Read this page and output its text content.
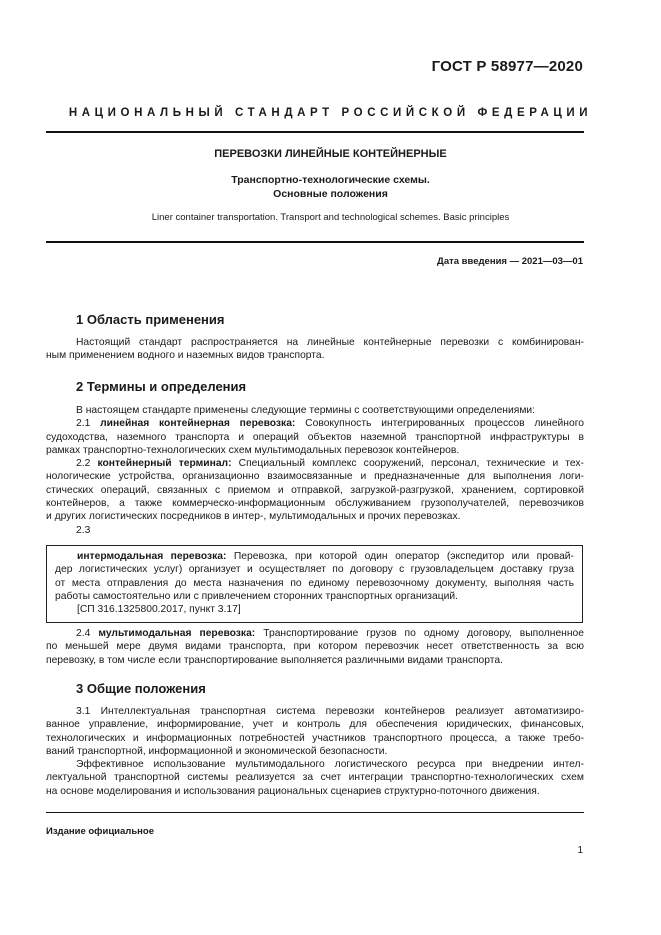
ГОСТ Р 58977—2020
НАЦИОНАЛЬНЫЙ СТАНДАРТ РОССИЙСКОЙ ФЕДЕРАЦИИ
ПЕРЕВОЗКИ ЛИНЕЙНЫЕ КОНТЕЙНЕРНЫЕ
Транспортно-технологические схемы.
Основные положения
Liner container transportation. Transport and technological schemes. Basic principles
Дата введения — 2021—03—01
1 Область применения
Настоящий стандарт распространяется на линейные контейнерные перевозки с комбинирован-
ным применением водного и наземных видов транспорта.
2 Термины и определения
В настоящем стандарте применены следующие термины с соответствующими определениями:
2.1 линейная контейнерная перевозка: Совокупность интегрированных процессов линейного
судоходства, наземного транспорта и операций объектов наземной транспортной инфраструктуры в
рамках транспортно-технологических схем мультимодальных перевозок контейнеров.
2.2 контейнерный терминал: Специальный комплекс сооружений, персонал, технические и тех-
нологические устройства, организационно взаимосвязанные и предназначенные для выполнения логи-
стических операций, связанных с приемом и отправкой, загрузкой-разгрузкой, хранением, сортировкой
контейнеров, а также коммерческо-информационным обслуживанием грузополучателей, перевозчиков
и других логистических посредников в интер-, мультимодальных и прочих перевозках.
2.3
интермодальная перевозка: Перевозка, при которой один оператор (экспедитор или провай-
дер логистических услуг) организует и осуществляет по договору с грузовладельцем доставку груза
от места отправления до места назначения по единому перевозочному документу, выполняя часть
работы самостоятельно или с привлечением сторонних транспортных организаций.
[СП 316.1325800.2017, пункт 3.17]
2.4 мультимодальная перевозка: Транспортирование грузов по одному договору, выполненное
по меньшей мере двумя видами транспорта, при котором перевозчик несет ответственность за всю
перевозку, в том числе если транспортирование выполняется различными видами транспорта.
3 Общие положения
3.1 Интеллектуальная транспортная система перевозки контейнеров реализует автоматизиро-
ванное управление, информирование, учет и контроль для обеспечения юридических, финансовых,
технологических и информационных потребностей участников транспортного процесса, а также требо-
ваний транспортной, информационной и экономической безопасности.
Эффективное использование мультимодального логистического ресурса при внедрении интел-
лектуальной транспортной системы реализуется за счет интеграции транспортно-технологических схем
на основе моделирования и использования рациональных сценариев структурно-поточного движения.
Издание официальное
1
